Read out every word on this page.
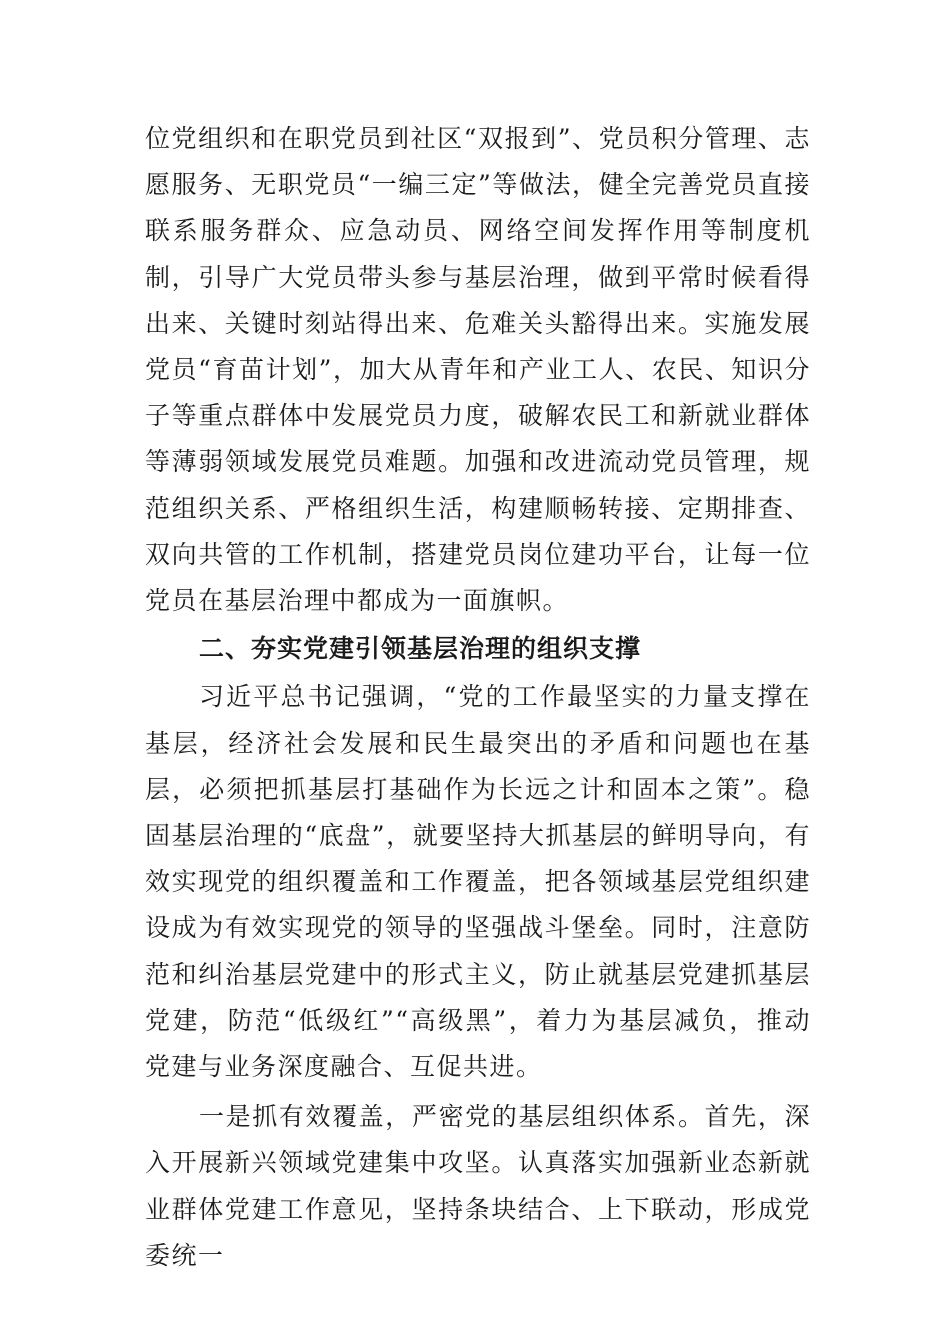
位党组织和在职党员到社区“双报到”、党员积分管理、志愿服务、无职党员“一编三定”等做法，健全完善党员直接联系服务群众、应急动员、网络空间发挥作用等制度机制，引导广大党员带头参与基层治理，做到平常时候看得出来、关键时刻站得出来、危难关头豁得出来。实施发展党员“育苗计划”，加大从青年和产业工人、农民、知识分子等重点群体中发展党员力度，破解农民工和新就业群体等薄弱领域发展党员难题。加强和改进流动党员管理，规范组织关系、严格组织生活，构建顺畅转接、定期排查、双向共管的工作机制，搭建党员岗位建功平台，让每一位党员在基层治理中都成为一面旗帜。

二、夯实党建引领基层治理的组织支撑

习近平总书记强调，“党的工作最坚实的力量支撑在基层，经济社会发展和民生最突出的矛盾和问题也在基层，必须把抓基层打基础作为长远之计和固本之策”。稳固基层治理的“底盘”，就要坚持大抓基层的鲜明导向，有效实现党的组织覆盖和工作覆盖，把各领域基层党组织建设成为有效实现党的领导的坚强战斗堡垒。同时，注意防范和纠治基层党建中的形式主义，防止就基层党建抓基层党建，防范“低级红”“高级黑”，着力为基层减负，推动党建与业务深度融合、互促共进。

一是抓有效覆盖，严密党的基层组织体系。首先，深入开展新兴领域党建集中攻坚。认真落实加强新业态新就业群体党建工作意见，坚持条块结合、上下联动，形成党委统一
